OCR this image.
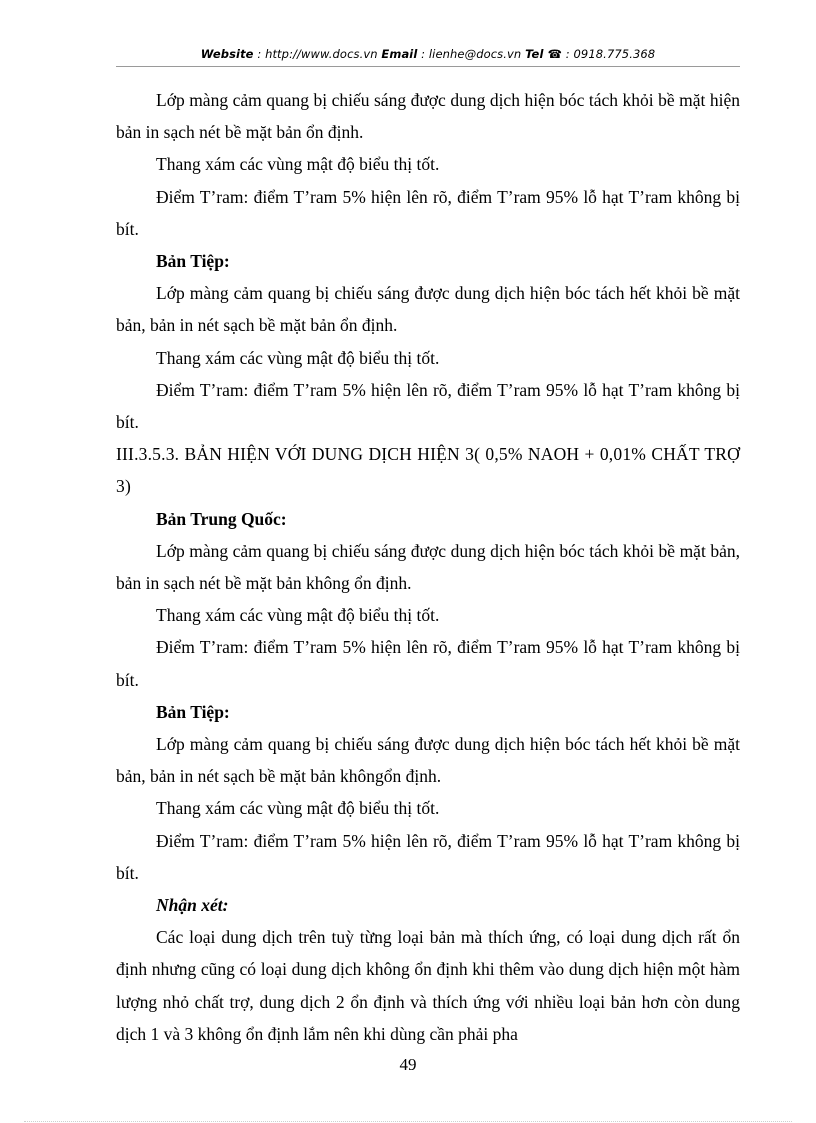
Website : http://www.docs.vn Email : lienhe@docs.vn Tel ☎ : 0918.775.368

Lớp màng cảm quang bị chiếu sáng được dung dịch hiện bóc tách khỏi bề mặt hiện bản in sạch nét bề mặt bản ổn định.

Thang xám các vùng mật độ biểu thị tốt.

Điểm T’ram: điểm T’ram 5% hiện lên rõ, điểm T’ram 95% lỗ hạt T’ram không bị bít.

Bản Tiệp:

Lớp màng cảm quang bị chiếu sáng được dung dịch hiện bóc tách hết khỏi bề mặt bản, bản in nét sạch bề mặt bản ổn định.

Thang xám các vùng mật độ biểu thị tốt.

Điểm T’ram: điểm T’ram 5% hiện lên rõ, điểm T’ram 95% lỗ hạt T’ram không bị bít.

III.3.5.3. BẢN HIỆN VỚI DUNG DỊCH HIỆN 3( 0,5% NAOH + 0,01% CHẤT TRỢ 3)

Bản Trung Quốc:

Lớp màng cảm quang bị chiếu sáng được dung dịch hiện bóc tách khỏi bề mặt bản, bản in sạch nét bề mặt bản không ổn định.

Thang xám các vùng mật độ biểu thị tốt.

Điểm T’ram: điểm T’ram 5% hiện lên rõ, điểm T’ram 95% lỗ hạt T’ram không bị bít.

Bản Tiệp:

Lớp màng cảm quang bị chiếu sáng được dung dịch hiện bóc tách hết khỏi bề mặt bản, bản in nét sạch bề mặt bản khôngổn định.

Thang xám các vùng mật độ biểu thị tốt.

Điểm T’ram: điểm T’ram 5% hiện lên rõ, điểm T’ram 95% lỗ hạt T’ram không bị bít.

Nhận xét:

Các loại dung dịch trên tuỳ từng loại bản mà thích ứng, có loại dung dịch rất ổn định nhưng cũng có loại dung dịch không ổn định khi thêm vào dung dịch hiện một hàm lượng nhỏ chất trợ, dung dịch 2 ổn định và thích ứng với nhiều loại bản hơn còn dung dịch 1 và 3 không ổn định lắm nên khi dùng cần phải pha

49
